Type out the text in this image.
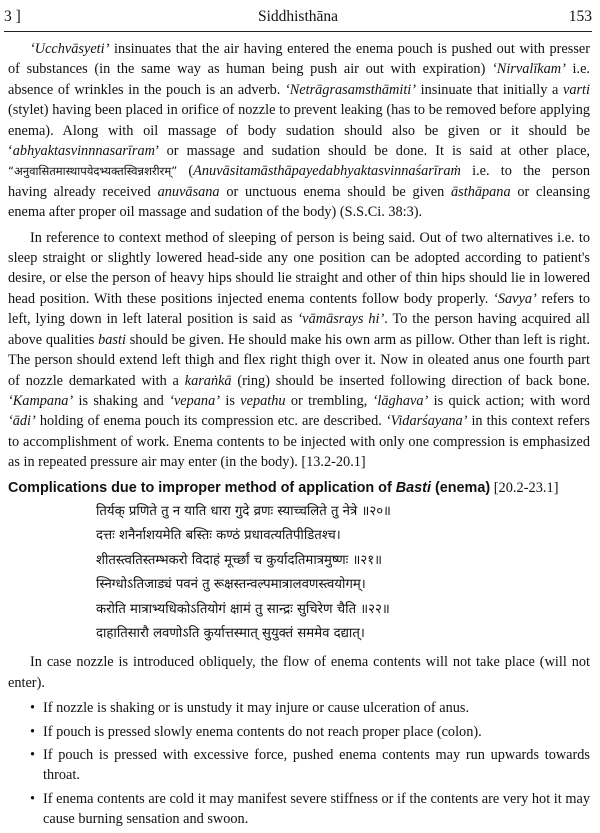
3 ]	Siddhisthāna	153

‘Ucchvāsyeti’ insinuates that the air having entered the enema pouch is pushed out with presser of substances (in the same way as human being push air out with expiration) ‘Nirvalīkam’ i.e. absence of wrinkles in the pouch is an adverb. ‘Netrāgrasamsthāmiti’ insinuate that initially a varti (stylet) having been placed in orifice of nozzle to prevent leaking (has to be removed before applying enema). Along with oil massage of body sudation should also be given or it should be ‘abhyaktasvinnnasarīram’ or massage and sudation should be done. It is said at other place, “अनुवासितमास्थापयेदभ्यक्तस्विन्नशरीरम्” (Anuvāsitamāsthāpayedabhyaktasvinnaśarīraṁ i.e. to the person having already received anuvāsana or unctuous enema should be given āsthāpana or cleansing enema after proper oil massage and sudation of the body) (S.S.Ci. 38:3).

In reference to context method of sleeping of person is being said. Out of two alternatives i.e. to sleep straight or slightly lowered head-side any one position can be adopted according to patient's desire, or else the person of heavy hips should lie straight and other of thin hips should lie in lowered head position. With these positions injected enema contents follow body properly. ‘Savya’ refers to left, lying down in left lateral position is said as ‘vāmāsrays hi’. To the person having acquired all above qualities basti should be given. He should make his own arm as pillow. Other than left is right. The person should extend left thigh and flex right thigh over it. Now in oleated anus one fourth part of nozzle demarkated with a karaṅkā (ring) should be inserted following direction of back bone. ‘Kampana’ is shaking and ‘vepana’ is vepathu or trembling, ‘lāghava’ is quick action; with word ‘ādi’ holding of enema pouch its compression etc. are described. ‘Vidarśayana’ in this context refers to accomplishment of work. Enema contents to be injected with only one compression is emphasized as in repeated pressure air may enter (in the body). [13.2-20.1]

Complications due to improper method of application of Basti (enema) [20.2-23.1]

तिर्यक् प्रणिते तु न याति धारा गुदे व्रणः स्याच्चलिते तु नेत्रे ॥२०॥
दत्तः शनैर्नाशयमेति बस्तिः कण्ठं प्रधावत्यतिपीडितश्च।
शीतस्त्वतिस्तम्भकरो विदाहं मूर्च्छां च कुर्यादतिमात्रमुष्णः ॥२१॥
स्निग्धोऽतिजाड्यं पवनं तु रूक्षस्तन्वल्पमात्रालवणस्त्वयोगम्।
करोति मात्राभ्यधिकोऽतियोगं क्षामं तु सान्द्रः सुचिरेण चैति ॥२२॥
दाहातिसारौ लवणोऽति कुर्यात्तस्मात् सुयुक्तं सममेव दद्यात्।

In case nozzle is introduced obliquely, the flow of enema contents will not take place (will not enter).

• If nozzle is shaking or is unstudy it may injure or cause ulceration of anus.
• If pouch is pressed slowly enema contents do not reach proper place (colon).
• If pouch is pressed with excessive force, pushed enema contents may run upwards towards throat.
• If enema contents are cold it may manifest severe stiffness or if the contents are very hot it may cause burning sensation and swoon.
